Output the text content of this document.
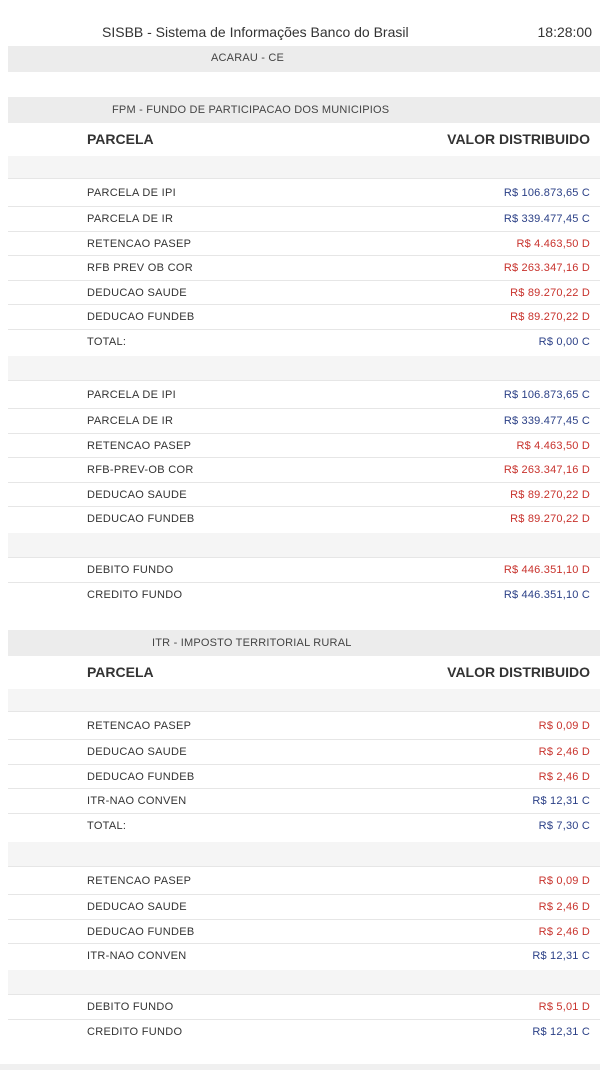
SISBB - Sistema de Informações Banco do Brasil	18:28:00
ACARAU - CE
FPM - FUNDO DE PARTICIPACAO DOS MUNICIPIOS
PARCELA	VALOR DISTRIBUIDO
PARCELA DE IPI	R$ 106.873,65 C
PARCELA DE IR	R$ 339.477,45 C
RETENCAO PASEP	R$ 4.463,50 D
RFB PREV OB COR	R$ 263.347,16 D
DEDUCAO SAUDE	R$ 89.270,22 D
DEDUCAO FUNDEB	R$ 89.270,22 D
TOTAL:	R$ 0,00 C
PARCELA DE IPI	R$ 106.873,65 C
PARCELA DE IR	R$ 339.477,45 C
RETENCAO PASEP	R$ 4.463,50 D
RFB-PREV-OB COR	R$ 263.347,16 D
DEDUCAO SAUDE	R$ 89.270,22 D
DEDUCAO FUNDEB	R$ 89.270,22 D
DEBITO FUNDO	R$ 446.351,10 D
CREDITO FUNDO	R$ 446.351,10 C
ITR - IMPOSTO TERRITORIAL RURAL
PARCELA	VALOR DISTRIBUIDO
RETENCAO PASEP	R$ 0,09 D
DEDUCAO SAUDE	R$ 2,46 D
DEDUCAO FUNDEB	R$ 2,46 D
ITR-NAO CONVEN	R$ 12,31 C
TOTAL:	R$ 7,30 C
RETENCAO PASEP	R$ 0,09 D
DEDUCAO SAUDE	R$ 2,46 D
DEDUCAO FUNDEB	R$ 2,46 D
ITR-NAO CONVEN	R$ 12,31 C
DEBITO FUNDO	R$ 5,01 D
CREDITO FUNDO	R$ 12,31 C
